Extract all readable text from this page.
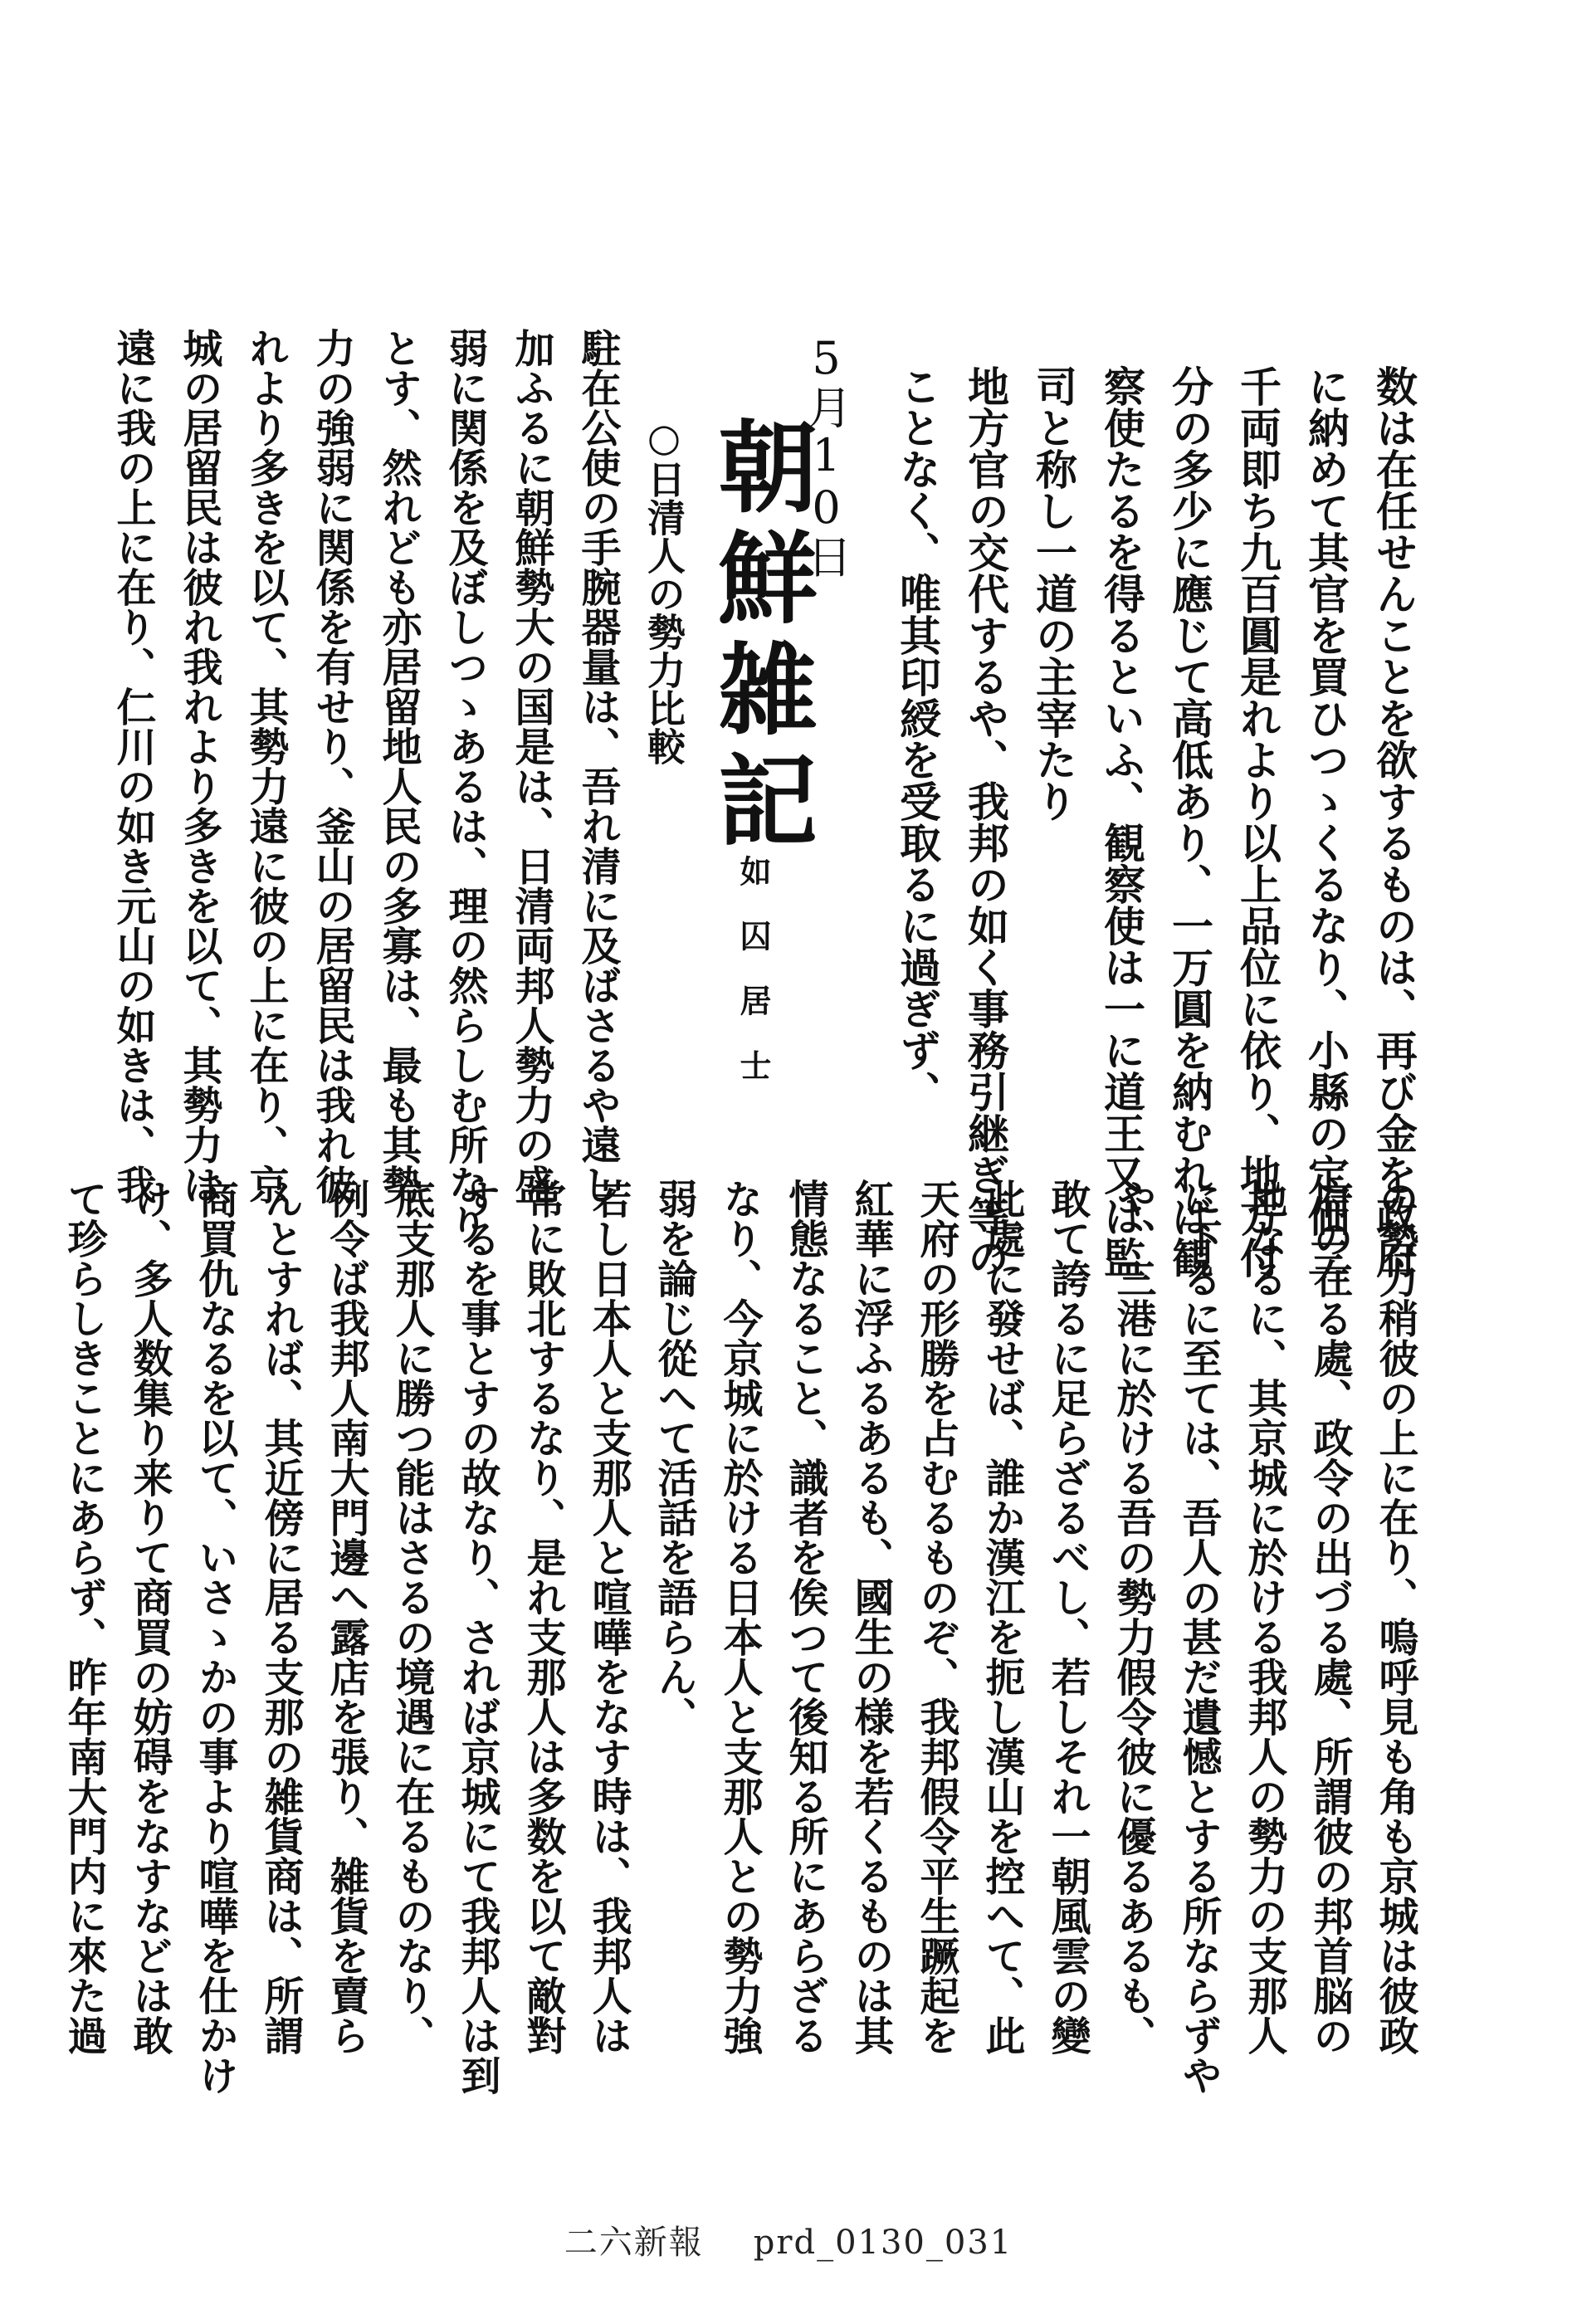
数は在任せんことを欲するものは、再び金を政府
に納めて其官を買ひつゝくるなり、小縣の定価三
千両即ち九百圓是れより以上品位に依り、地方付
分の多少に應じて高低あり、一万圓を納むれば観
察使たるを得るといふ、観察使は一に道王又は監
司と称し一道の主宰たり
地方官の交代するや、我邦の如く事務引継ぎ等の
ことなく、唯其印綬を受取るに過ぎず、
5月10日
朝鮮雑記
如囚居士
○日清人の勢力比較
駐在公使の手腕器量は、吾れ清に及ばさるや遠し
加ふるに朝鮮勢大の国是は、日清両邦人勢力の盛
弱に関係を及ぼしつゝあるは、理の然らしむ所なり
とす、然れども亦居留地人民の多寡は、最も其勢
力の強弱に関係を有せり、釜山の居留民は我れ彼
れより多きを以て、其勢力遠に彼の上に在り、京
城の居留民は彼れ我れより多きを以て、其勢力は
遠に我の上に在り、仁川の如き元山の如きは、我
の勢力稍彼の上に在り、嗚呼見も角も京城は彼政
府の在る處、政令の出づる處、所謂彼の邦首脳の
地なるに、其京城に於ける我邦人の勢力の支那人
に下るに至ては、吾人の甚だ遺憾とする所ならずや
や、三港に於ける吾の勢力假令彼に優るあるも、
敢て誇るに足らざるべし、若しそれ一朝風雲の變
此處に發せば、誰か漢江を扼し漢山を控へて、此
天府の形勝を占むるものぞ、我邦假令平生蹶起を
紅華に浮ふるあるも、國生の様を若くるものは其
情態なること、識者を俟つて後知る所にあらざる
なり、今京城に於ける日本人と支那人との勢力強
弱を論じ從へて活話を語らん、
若し日本人と支那人と喧嘩をなす時は、我邦人は
常に敗北するなり、是れ支那人は多数を以て敵對
するを事とすの故なり、されば京城にて我邦人は到
底支那人に勝つ能はさるの境遇に在るものなり、
例令ば我邦人南大門邊へ露店を張り、雑貨を賣ら
んとすれば、其近傍に居る支那の雑貨商は、所謂
商買仇なるを以て、いさゝかの事より喧嘩を仕かけ
け、多人数集り来りて商買の妨碍をなすなどは敢
て珍らしきことにあらず、昨年南大門内に來た過
二六新報 prd_0130_031
